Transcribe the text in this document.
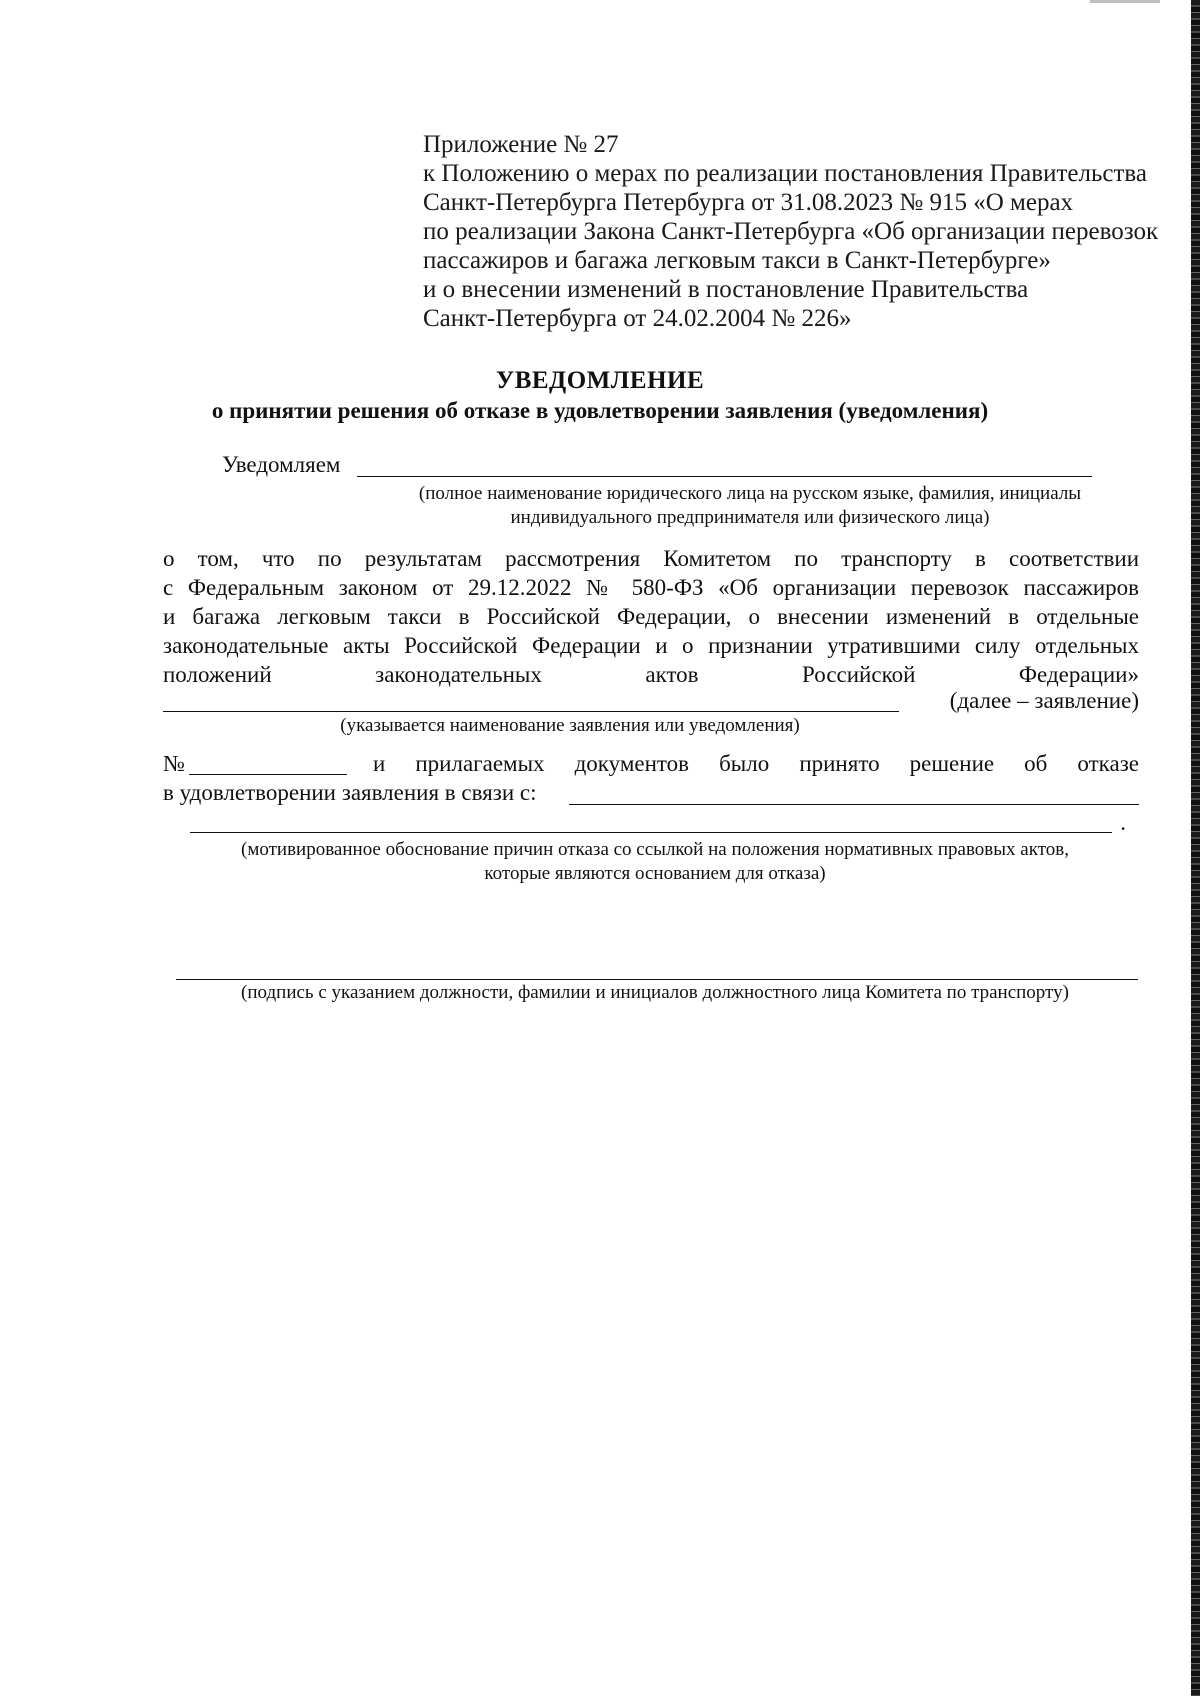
Приложение № 27
к Положению о мерах по реализации постановления Правительства
Санкт-Петербурга Петербурга от 31.08.2023 № 915 «О мерах
по реализации Закона Санкт-Петербурга «Об организации перевозок
пассажиров и багажа легковым такси в Санкт-Петербурге»
и о внесении изменений в постановление Правительства
Санкт-Петербурга от 24.02.2004 № 226»
УВЕДОМЛЕНИЕ
о принятии решения об отказе в удовлетворении заявления (уведомления)
Уведомляем
(полное наименование юридического лица на русском языке, фамилия, инициалы
индивидуального предпринимателя или физического лица)
о том, что по результатам рассмотрения Комитетом по транспорту в соответствии
с Федеральным законом от 29.12.2022 № 580-ФЗ «Об организации перевозок пассажиров
и багажа легковым такси в Российской Федерации, о внесении изменений в отдельные
законодательные акты Российской Федерации и о признании утратившими силу отдельных
положений законодательных актов Российской Федерации»
(далее – заявление)
(указывается наименование заявления или уведомления)
№	и прилагаемых документов было принято решение об отказе
в удовлетворении заявления в связи с:
.
(мотивированное обоснование причин отказа со ссылкой на положения нормативных правовых актов,
которые являются основанием для отказа)
(подпись с указанием должности, фамилии и инициалов должностного лица Комитета по транспорту)
